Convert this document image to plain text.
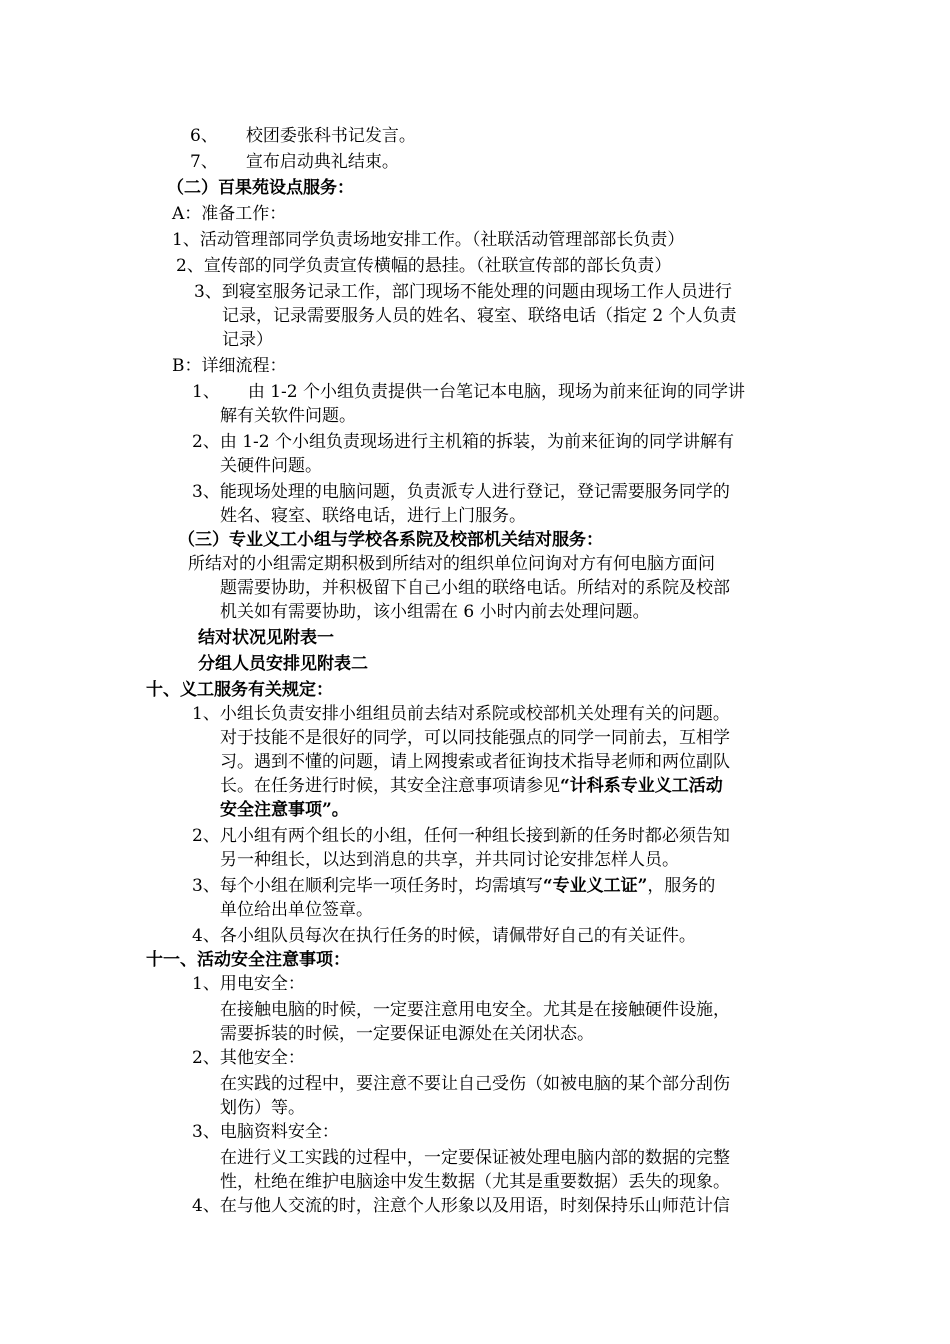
6、 校团委张科书记发言。
7、 宣布启动典礼结束。
（二）百果苑设点服务：
A：准备工作：
1、活动管理部同学负责场地安排工作。（社联活动管理部部长负责）
2、宣传部的同学负责宣传横幅的悬挂。（社联宣传部的部长负责）
3、到寝室服务记录工作，部门现场不能处理的问题由现场工作人员进行
记录，记录需要服务人员的姓名、寝室、联络电话（指定 2 个人负责
记录）
B：详细流程：
1、 由 1-2 个小组负责提供一台笔记本电脑，现场为前来征询的同学讲
解有关软件问题。
2、由 1-2 个小组负责现场进行主机箱的拆装，为前来征询的同学讲解有
关硬件问题。
3、能现场处理的电脑问题，负责派专人进行登记，登记需要服务同学的
姓名、寝室、联络电话，进行上门服务。
（三）专业义工小组与学校各系院及校部机关结对服务：
所结对的小组需定期积极到所结对的组织单位问询对方有何电脑方面问
题需要协助，并积极留下自己小组的联络电话。所结对的系院及校部
机关如有需要协助，该小组需在 6 小时内前去处理问题。
结对状况见附表一
分组人员安排见附表二
十、义工服务有关规定：
1、小组长负责安排小组组员前去结对系院或校部机关处理有关的问题。
对于技能不是很好的同学，可以同技能强点的同学一同前去，互相学
习。遇到不懂的问题，请上网搜索或者征询技术指导老师和两位副队
长。在任务进行时候，其安全注意事项请参见“计科系专业义工活动
安全注意事项”。
2、凡小组有两个组长的小组，任何一种组长接到新的任务时都必须告知
另一种组长，以达到消息的共享，并共同讨论安排怎样人员。
3、每个小组在顺利完毕一项任务时，均需填写“专业义工证”，服务的
单位给出单位签章。
4、各小组队员每次在执行任务的时候，请佩带好自己的有关证件。
十一、活动安全注意事项：
1、用电安全：
在接触电脑的时候，一定要注意用电安全。尤其是在接触硬件设施，
需要拆装的时候，一定要保证电源处在关闭状态。
2、其他安全：
在实践的过程中，要注意不要让自己受伤（如被电脑的某个部分刮伤
划伤）等。
3、电脑资料安全：
在进行义工实践的过程中，一定要保证被处理电脑内部的数据的完整
性，杜绝在维护电脑途中发生数据（尤其是重要数据）丢失的现象。
4、在与他人交流的时，注意个人形象以及用语，时刻保持乐山师范计信
